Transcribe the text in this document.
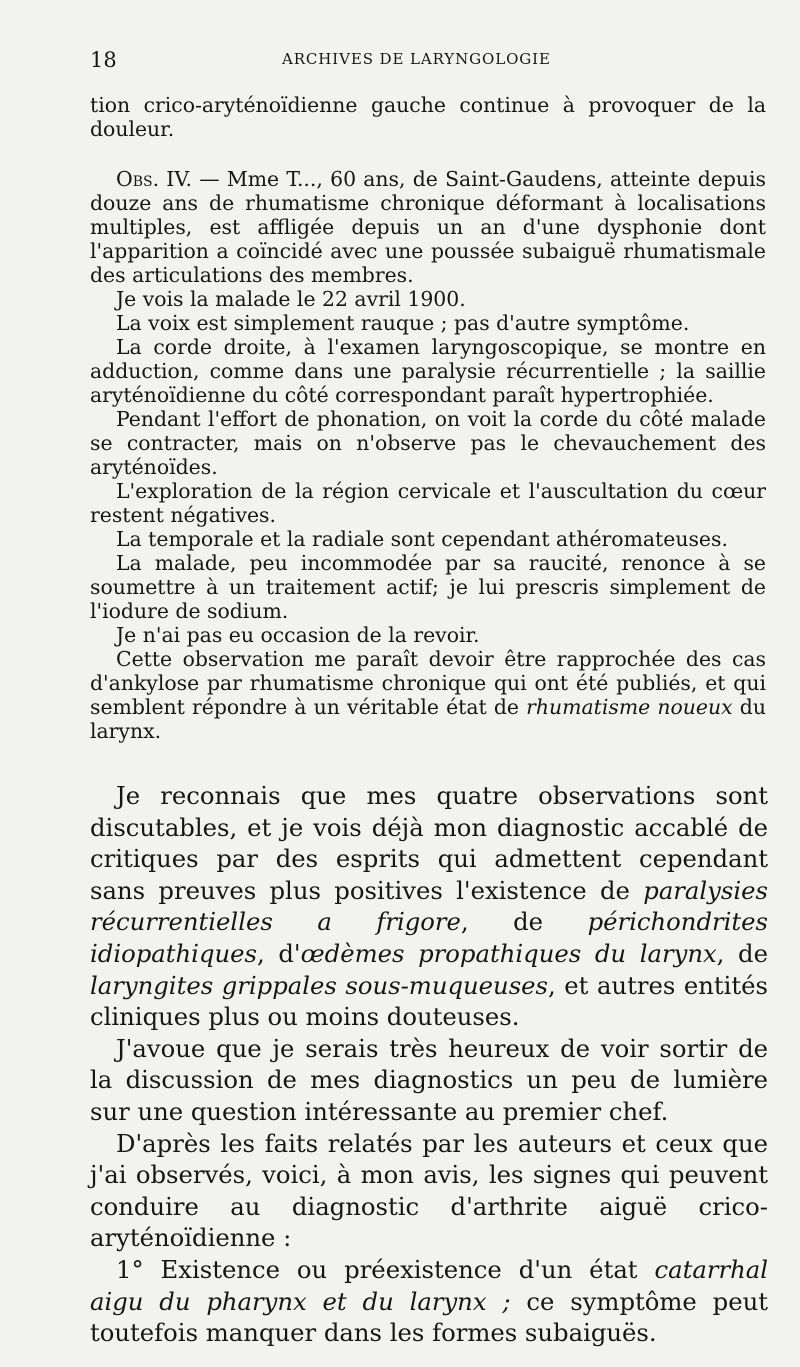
18	ARCHIVES DE LARYNGOLOGIE

tion crico-aryténoïdienne gauche continue à provoquer de la douleur.

Obs. IV. — Mme T..., 60 ans, de Saint-Gaudens, atteinte depuis douze ans de rhumatisme chronique déformant à localisations multiples, est affligée depuis un an d'une dysphonie dont l'apparition a coïncidé avec une poussée subaiguë rhumatismale des articulations des membres.

Je vois la malade le 22 avril 1900.

La voix est simplement rauque ; pas d'autre symptôme.

La corde droite, à l'examen laryngoscopique, se montre en adduction, comme dans une paralysie récurrentielle ; la saillie aryténoïdienne du côté correspondant paraît hypertrophiée.

Pendant l'effort de phonation, on voit la corde du côté malade se contracter, mais on n'observe pas le chevauchement des aryténoïdes.

L'exploration de la région cervicale et l'auscultation du cœur restent négatives.

La temporale et la radiale sont cependant athéromateuses.

La malade, peu incommodée par sa raucité, renonce à se soumettre à un traitement actif; je lui prescris simplement de l'iodure de sodium.

Je n'ai pas eu occasion de la revoir.

Cette observation me paraît devoir être rapprochée des cas d'ankylose par rhumatisme chronique qui ont été publiés, et qui semblent répondre à un véritable état de rhumatisme noueux du larynx.

Je reconnais que mes quatre observations sont discutables, et je vois déjà mon diagnostic accablé de critiques par des esprits qui admettent cependant sans preuves plus positives l'existence de paralysies récurrentielles a frigore, de périchondrites idiopathiques, d'œdèmes propathiques du larynx, de laryngites grippales sous-muqueuses, et autres entités cliniques plus ou moins douteuses.

J'avoue que je serais très heureux de voir sortir de la discussion de mes diagnostics un peu de lumière sur une question intéressante au premier chef.

D'après les faits relatés par les auteurs et ceux que j'ai observés, voici, à mon avis, les signes qui peuvent conduire au diagnostic d'arthrite aiguë crico-aryténoïdienne :

1° Existence ou préexistence d'un état catarrhal aigu du pharynx et du larynx ; ce symptôme peut toutefois manquer dans les formes subaiguës.
